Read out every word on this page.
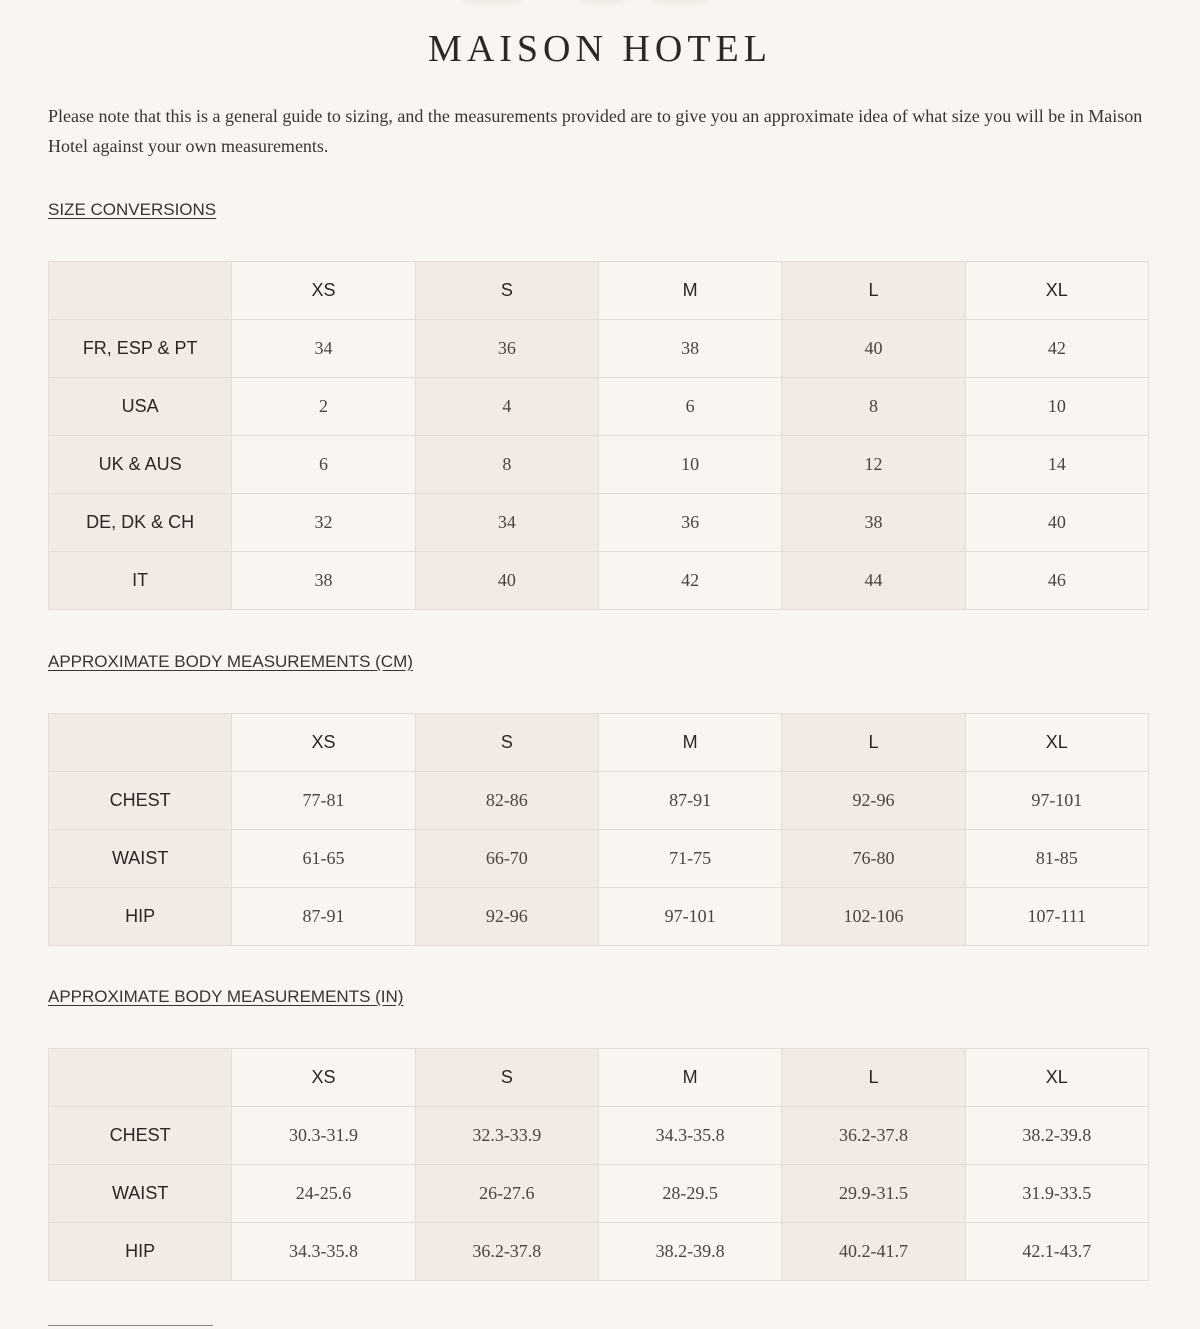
MAISON HOTEL
Please note that this is a general guide to sizing, and the measurements provided are to give you an approximate idea of what size you will be in Maison Hotel against your own measurements.
SIZE CONVERSIONS
	XS	S	M	L	XL
FR, ESP & PT	34	36	38	40	42
USA	2	4	6	8	10
UK & AUS	6	8	10	12	14
DE, DK & CH	32	34	36	38	40
IT	38	40	42	44	46
APPROXIMATE BODY MEASUREMENTS (CM)
	XS	S	M	L	XL
CHEST	77-81	82-86	87-91	92-96	97-101
WAIST	61-65	66-70	71-75	76-80	81-85
HIP	87-91	92-96	97-101	102-106	107-111
APPROXIMATE BODY MEASUREMENTS (IN)
	XS	S	M	L	XL
CHEST	30.3-31.9	32.3-33.9	34.3-35.8	36.2-37.8	38.2-39.8
WAIST	24-25.6	26-27.6	28-29.5	29.9-31.5	31.9-33.5
HIP	34.3-35.8	36.2-37.8	38.2-39.8	40.2-41.7	42.1-43.7
